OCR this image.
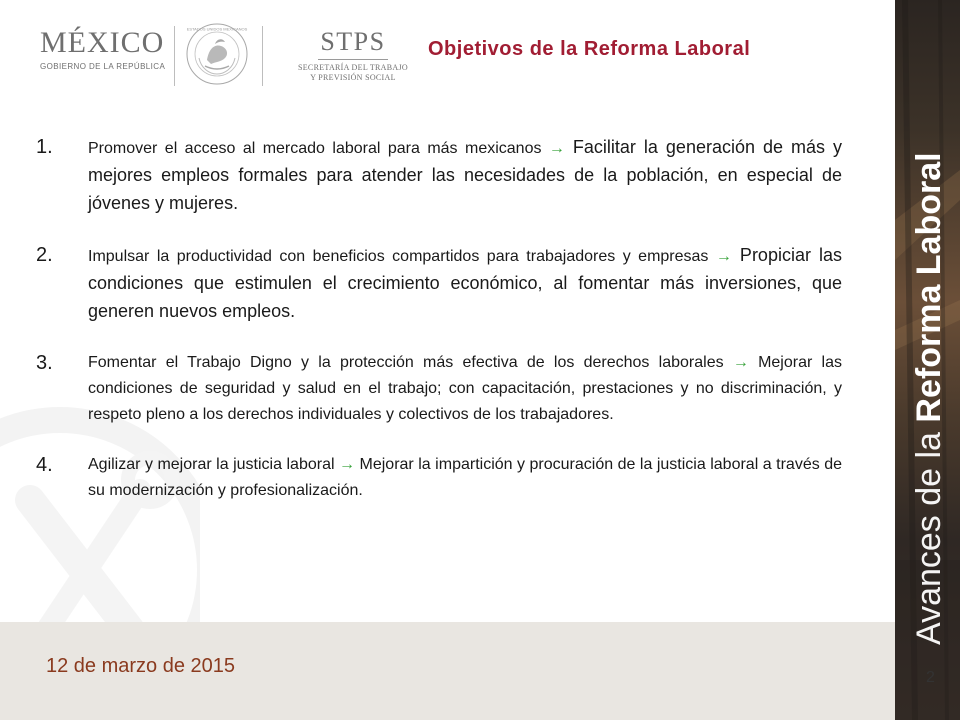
MÉXICO
GOBIERNO DE LA REPÚBLICA
ESTADOS UNIDOS MEXICANOS	STPS
SECRETARÍA DEL TRABAJO
Y PREVISIÓN SOCIAL
Objetivos de la Reforma Laboral
1.	Promover el acceso al mercado laboral para más mexicanos → Facilitar la generación de más y mejores empleos formales para atender las necesidades de la población, en especial de jóvenes y mujeres.
2.	Impulsar la productividad con beneficios compartidos para trabajadores y empresas → Propiciar las condiciones que estimulen el crecimiento económico, al fomentar más inversiones, que generen nuevos empleos.
3.	Fomentar el Trabajo Digno y la protección más efectiva de los derechos laborales → Mejorar las condiciones de seguridad y salud en el trabajo; con capacitación, prestaciones y no discriminación, y respeto pleno a los derechos individuales y colectivos de los trabajadores.
4.	Agilizar y mejorar la justicia laboral → Mejorar la impartición y procuración de la justicia laboral a través de su modernización y profesionalización.
12 de marzo de 2015
Avances de la Reforma Laboral
2
